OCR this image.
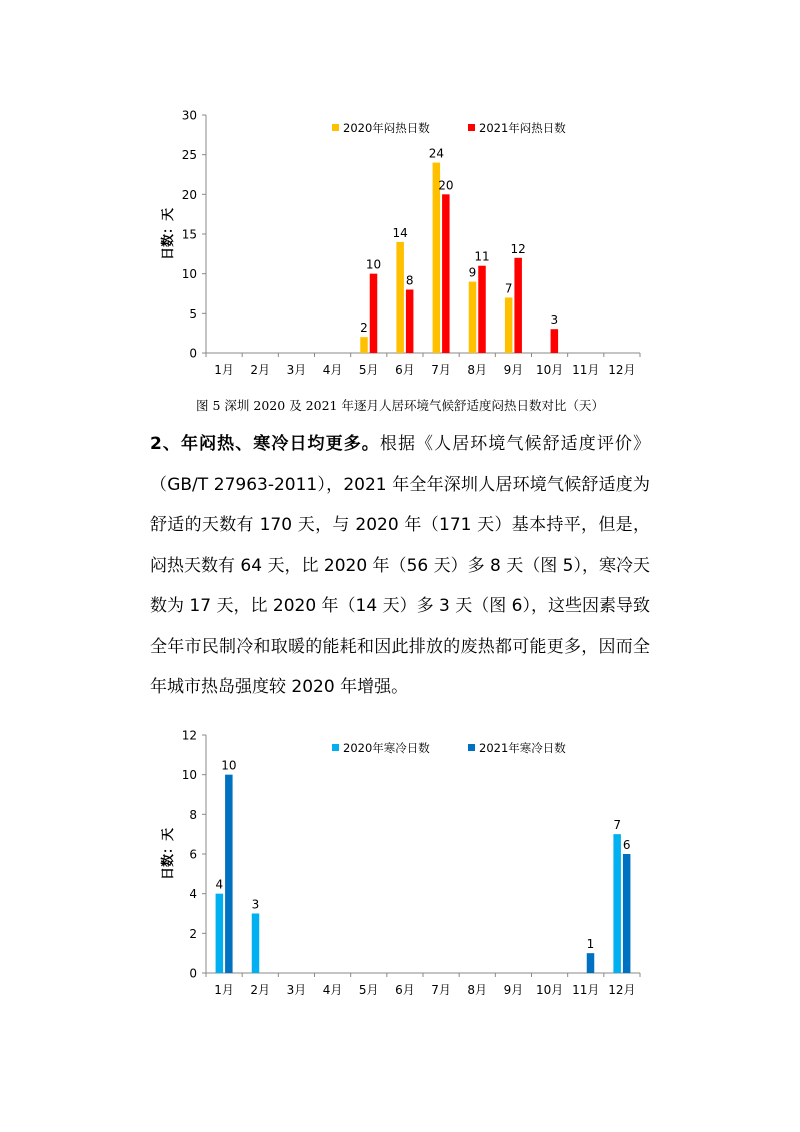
日数：天
0
5
10
15
20
25
30
1月 2月 3月 4月 5月 6月 7月 8月 9月 10月 11月 12月
2
14
24
9
7
10
8
20
11
12
3
2020年闷热日数	2021年闷热日数
图 5 深圳 2020 及 2021 年逐月人居环境气候舒适度闷热日数对比（天）

2、年闷热、寒冷日均更多。根据《人居环境气候舒适度评价》（GB/T 27963-2011），2021 年全年深圳人居环境气候舒适度为舒适的天数有 170 天，与 2020 年（171 天）基本持平，但是，闷热天数有 64 天，比 2020 年（56 天）多 8 天（图 5），寒冷天数为 17 天，比 2020 年（14 天）多 3 天（图 6），这些因素导致全年市民制冷和取暖的能耗和因此排放的废热都可能更多，因而全年城市热岛强度较 2020 年增强。

日数：天
0
2
4
6
8
10
12
1月 2月 3月 4月 5月 6月 7月 8月 9月 10月 11月 12月
4
3
7
10
1
6
2020年寒冷日数	2021年寒冷日数
